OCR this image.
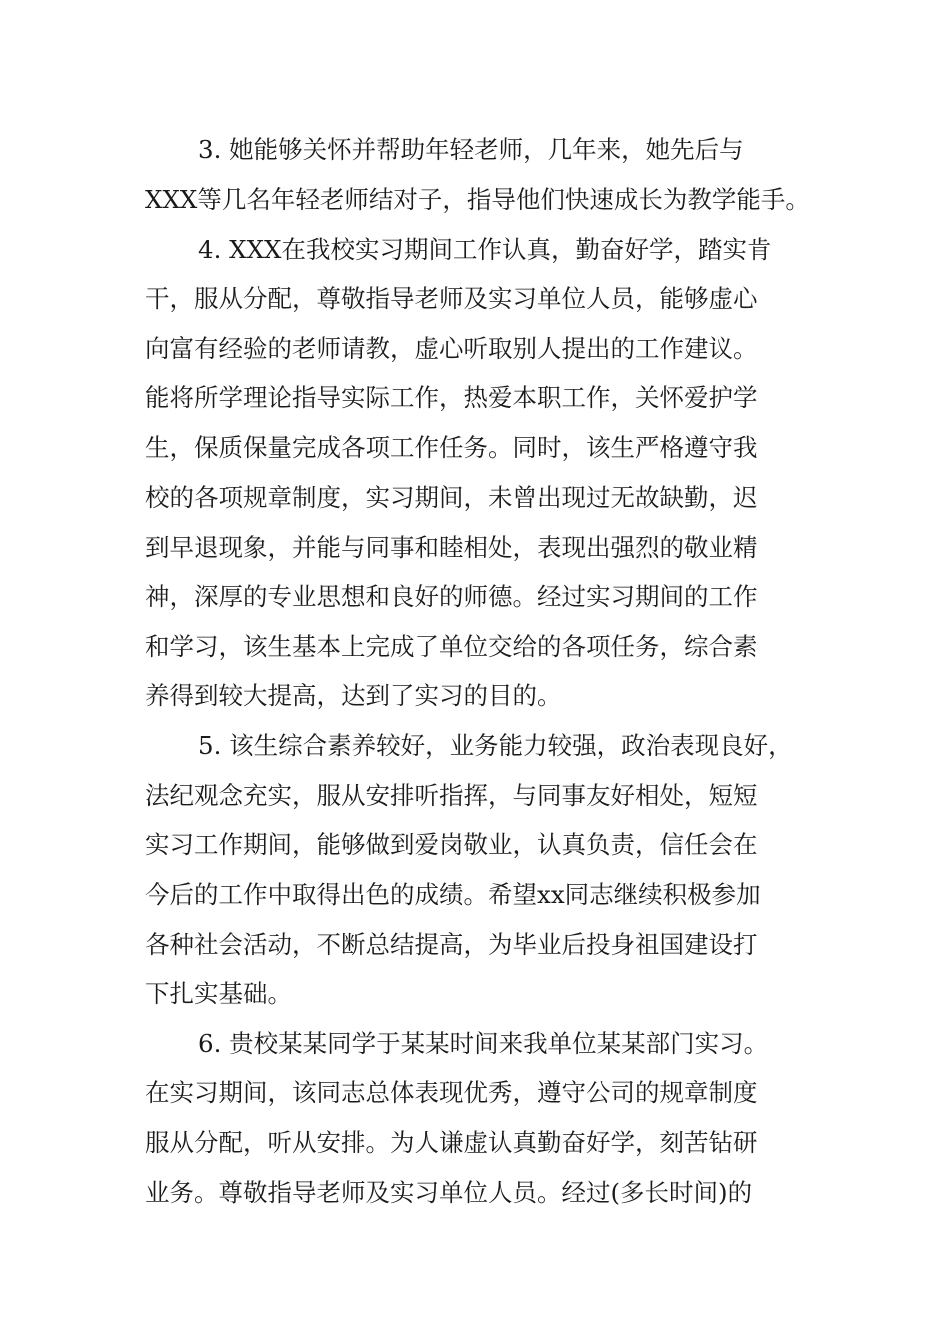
3. 她能够关怀并帮助年轻老师，几年来，她先后与

XXX等几名年轻老师结对子，指导他们快速成长为教学能手。

4. XXX在我校实习期间工作认真，勤奋好学，踏实肯

干，服从分配，尊敬指导老师及实习单位人员，能够虚心

向富有经验的老师请教，虚心听取别人提出的工作建议。

能将所学理论指导实际工作，热爱本职工作，关怀爱护学

生，保质保量完成各项工作任务。同时，该生严格遵守我

校的各项规章制度，实习期间，未曾出现过无故缺勤，迟

到早退现象，并能与同事和睦相处，表现出强烈的敬业精

神，深厚的专业思想和良好的师德。经过实习期间的工作

和学习，该生基本上完成了单位交给的各项任务，综合素

养得到较大提高，达到了实习的目的。

5. 该生综合素养较好，业务能力较强，政治表现良好，

法纪观念充实，服从安排听指挥，与同事友好相处，短短

实习工作期间，能够做到爱岗敬业，认真负责，信任会在

今后的工作中取得出色的成绩。希望xx同志继续积极参加

各种社会活动，不断总结提高，为毕业后投身祖国建设打

下扎实基础。

6. 贵校某某同学于某某时间来我单位某某部门实习。

在实习期间，该同志总体表现优秀，遵守公司的规章制度

服从分配，听从安排。为人谦虚认真勤奋好学，刻苦钻研

业务。尊敬指导老师及实习单位人员。经过(多长时间)的
